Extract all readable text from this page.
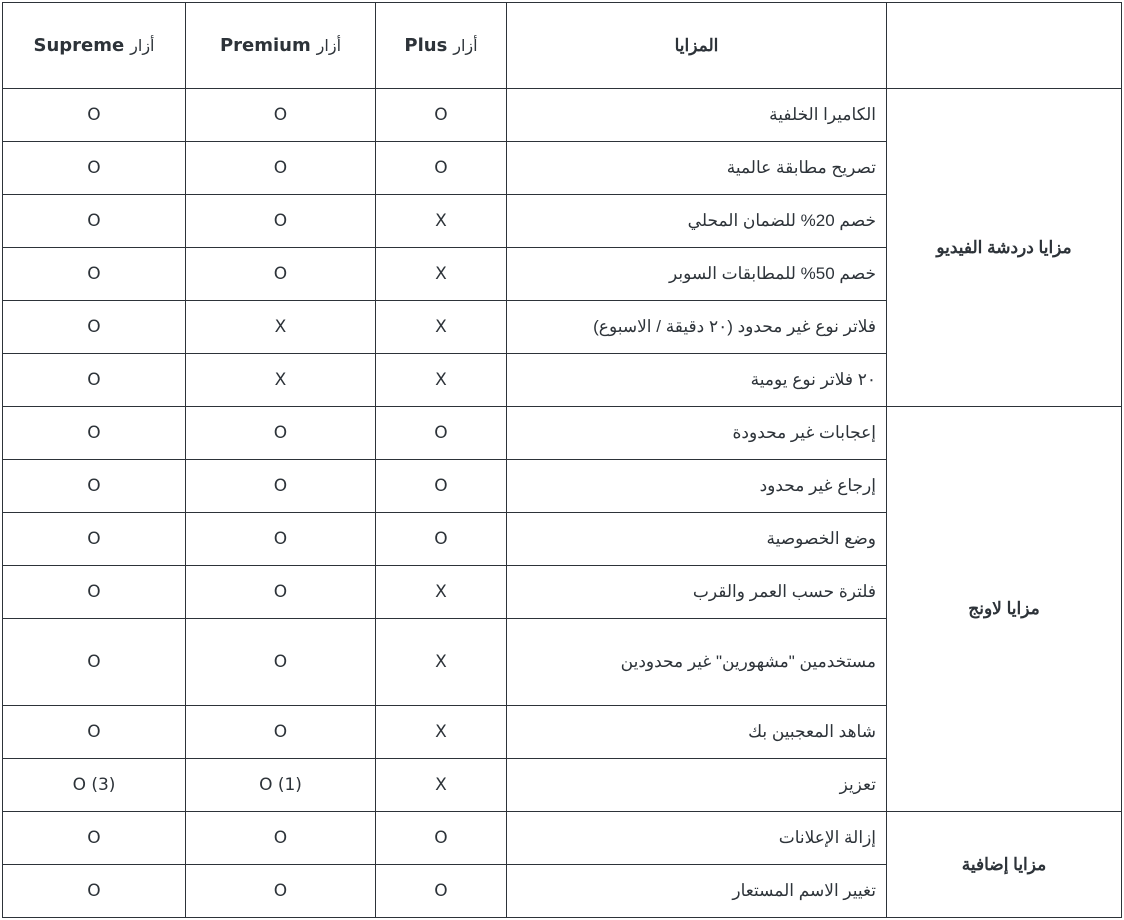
Supreme أزار	Premium أزار	Plus أزار	المزايا	
O	O	O	الكاميرا الخلفية	مزايا دردشة الفيديو
O	O	O	تصريح مطابقة عالمية	
O	O	X	خصم 20% للضمان المحلي	
O	O	X	خصم 50% للمطابقات السوبر	
O	X	X	فلاتر نوع غير محدود (٢٠ دقيقة / الاسبوع)	
O	X	X	٢٠ فلاتر نوع يومية	
O	O	O	إعجابات غير محدودة	مزايا لاونج
O	O	O	إرجاع غير محدود	
O	O	O	وضع الخصوصية	
O	O	X	فلترة حسب العمر والقرب	
O	O	X	مستخدمين "مشهورين" غير محدودين	
O	O	X	شاهد المعجبين بك	
O (3)	O (1)	X	تعزيز	
O	O	O	إزالة الإعلانات	مزايا إضافية
O	O	O	تغيير الاسم المستعار	
